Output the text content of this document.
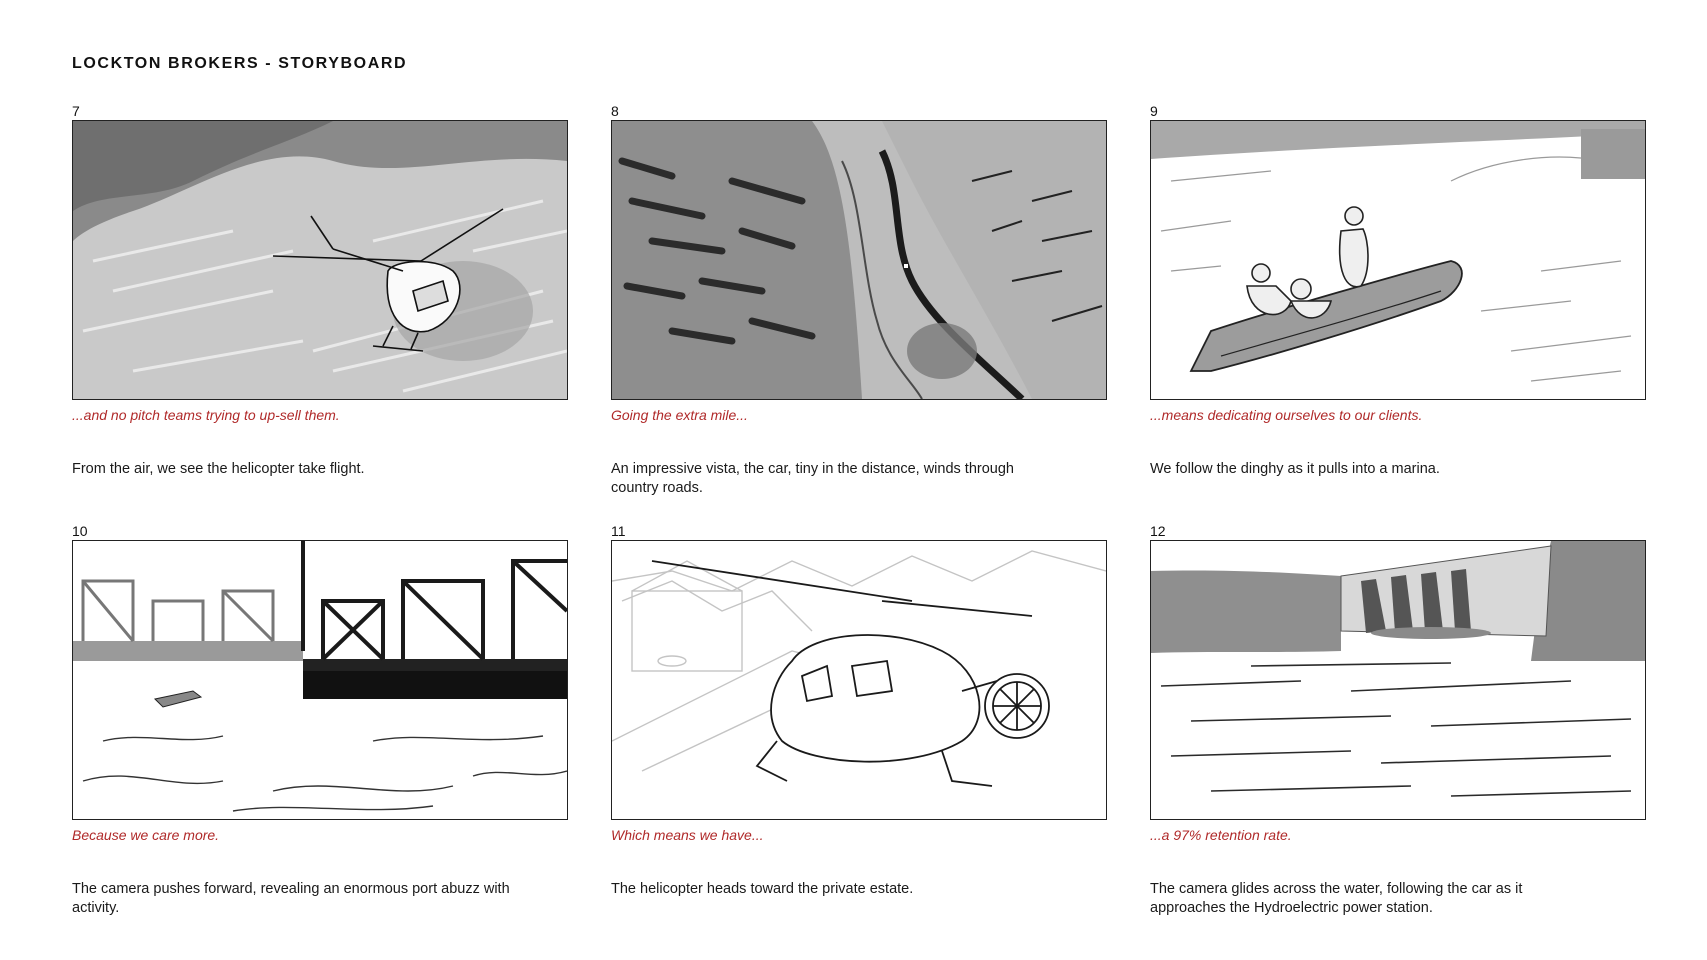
LOCKTON BROKERS - STORYBOARD
7
...and no pitch teams trying to up-sell them.
From the air, we see the helicopter take flight.
8
Going the extra mile...
An impressive vista, the car, tiny in the distance, winds through country roads.
9
...means dedicating ourselves to our clients.
We follow the dinghy as it pulls into a marina.
10
Because we care more.
The camera pushes forward, revealing an enormous port abuzz with activity.
11
Which means we have...
The helicopter heads toward the private estate.
12
...a 97% retention rate.
The camera glides across the water, following the car as it approaches the Hydroelectric power station.
